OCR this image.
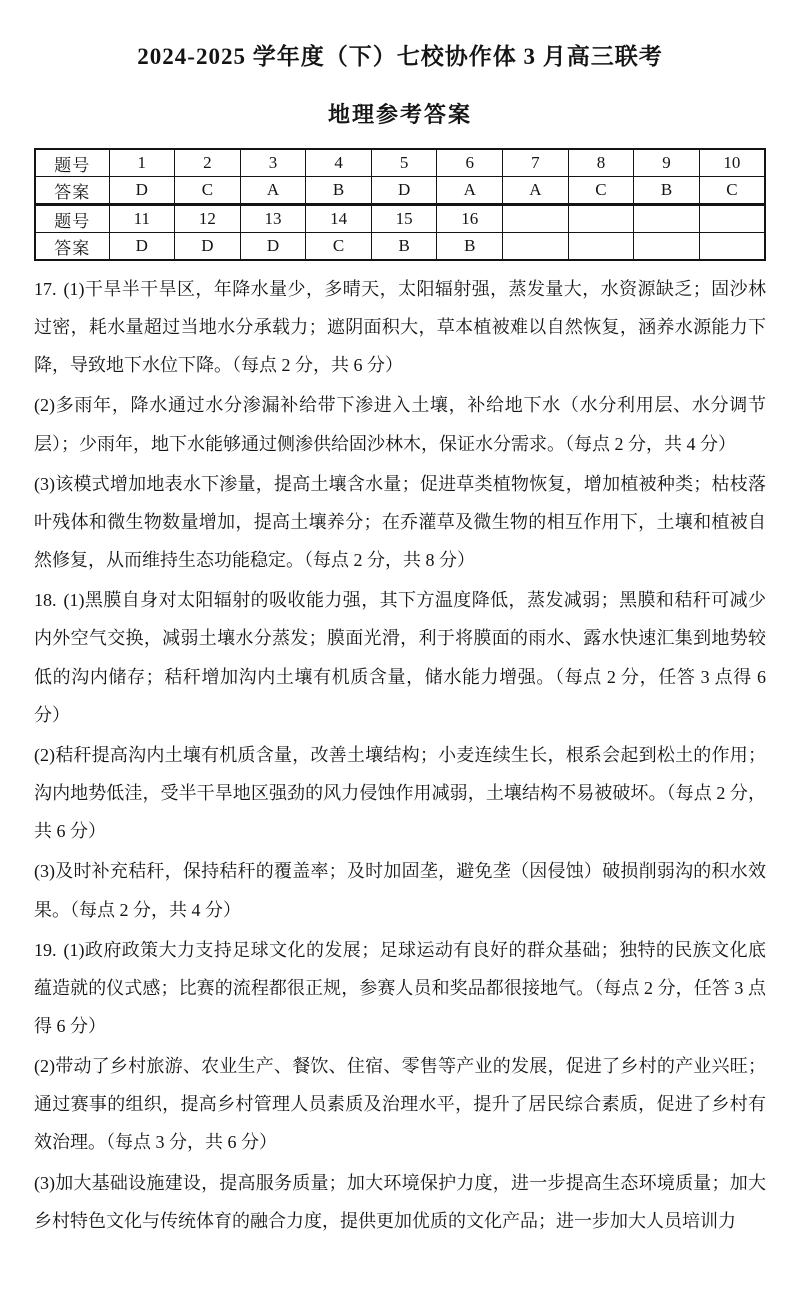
2024-2025 学年度（下）七校协作体 3 月高三联考
地理参考答案
题号	1	2	3	4	5	6	7	8	9	10
答案	D	C	A	B	D	A	A	C	B	C
题号	11	12	13	14	15	16				
答案	D	D	D	C	B	B				

17. (1)干旱半干旱区，年降水量少，多晴天，太阳辐射强，蒸发量大，水资源缺乏；固沙林过密，耗水量超过当地水分承载力；遮阴面积大，草本植被难以自然恢复，涵养水源能力下降，导致地下水位下降。（每点 2 分，共 6 分）

(2)多雨年，降水通过水分渗漏补给带下渗进入土壤，补给地下水（水分利用层、水分调节层）；少雨年，地下水能够通过侧渗供给固沙林木，保证水分需求。（每点 2 分，共 4 分）

(3)该模式增加地表水下渗量，提高土壤含水量；促进草类植物恢复，增加植被种类；枯枝落叶残体和微生物数量增加，提高土壤养分；在乔灌草及微生物的相互作用下，土壤和植被自然修复，从而维持生态功能稳定。（每点 2 分，共 8 分）

18. (1)黑膜自身对太阳辐射的吸收能力强，其下方温度降低，蒸发减弱；黑膜和秸秆可减少内外空气交换，减弱土壤水分蒸发；膜面光滑，利于将膜面的雨水、露水快速汇集到地势较低的沟内储存；秸秆增加沟内土壤有机质含量，储水能力增强。（每点 2 分，任答 3 点得 6 分）

(2)秸秆提高沟内土壤有机质含量，改善土壤结构；小麦连续生长，根系会起到松土的作用；沟内地势低洼，受半干旱地区强劲的风力侵蚀作用减弱，土壤结构不易被破坏。（每点 2 分，共 6 分）

(3)及时补充秸秆，保持秸秆的覆盖率；及时加固垄，避免垄（因侵蚀）破损削弱沟的积水效果。（每点 2 分，共 4 分）

19. (1)政府政策大力支持足球文化的发展；足球运动有良好的群众基础；独特的民族文化底蕴造就的仪式感；比赛的流程都很正规，参赛人员和奖品都很接地气。（每点 2 分，任答 3 点得 6 分）

(2)带动了乡村旅游、农业生产、餐饮、住宿、零售等产业的发展，促进了乡村的产业兴旺；通过赛事的组织，提高乡村管理人员素质及治理水平，提升了居民综合素质，促进了乡村有效治理。（每点 3 分，共 6 分）

(3)加大基础设施建设，提高服务质量；加大环境保护力度，进一步提高生态环境质量；加大乡村特色文化与传统体育的融合力度，提供更加优质的文化产品；进一步加大人员培训力
